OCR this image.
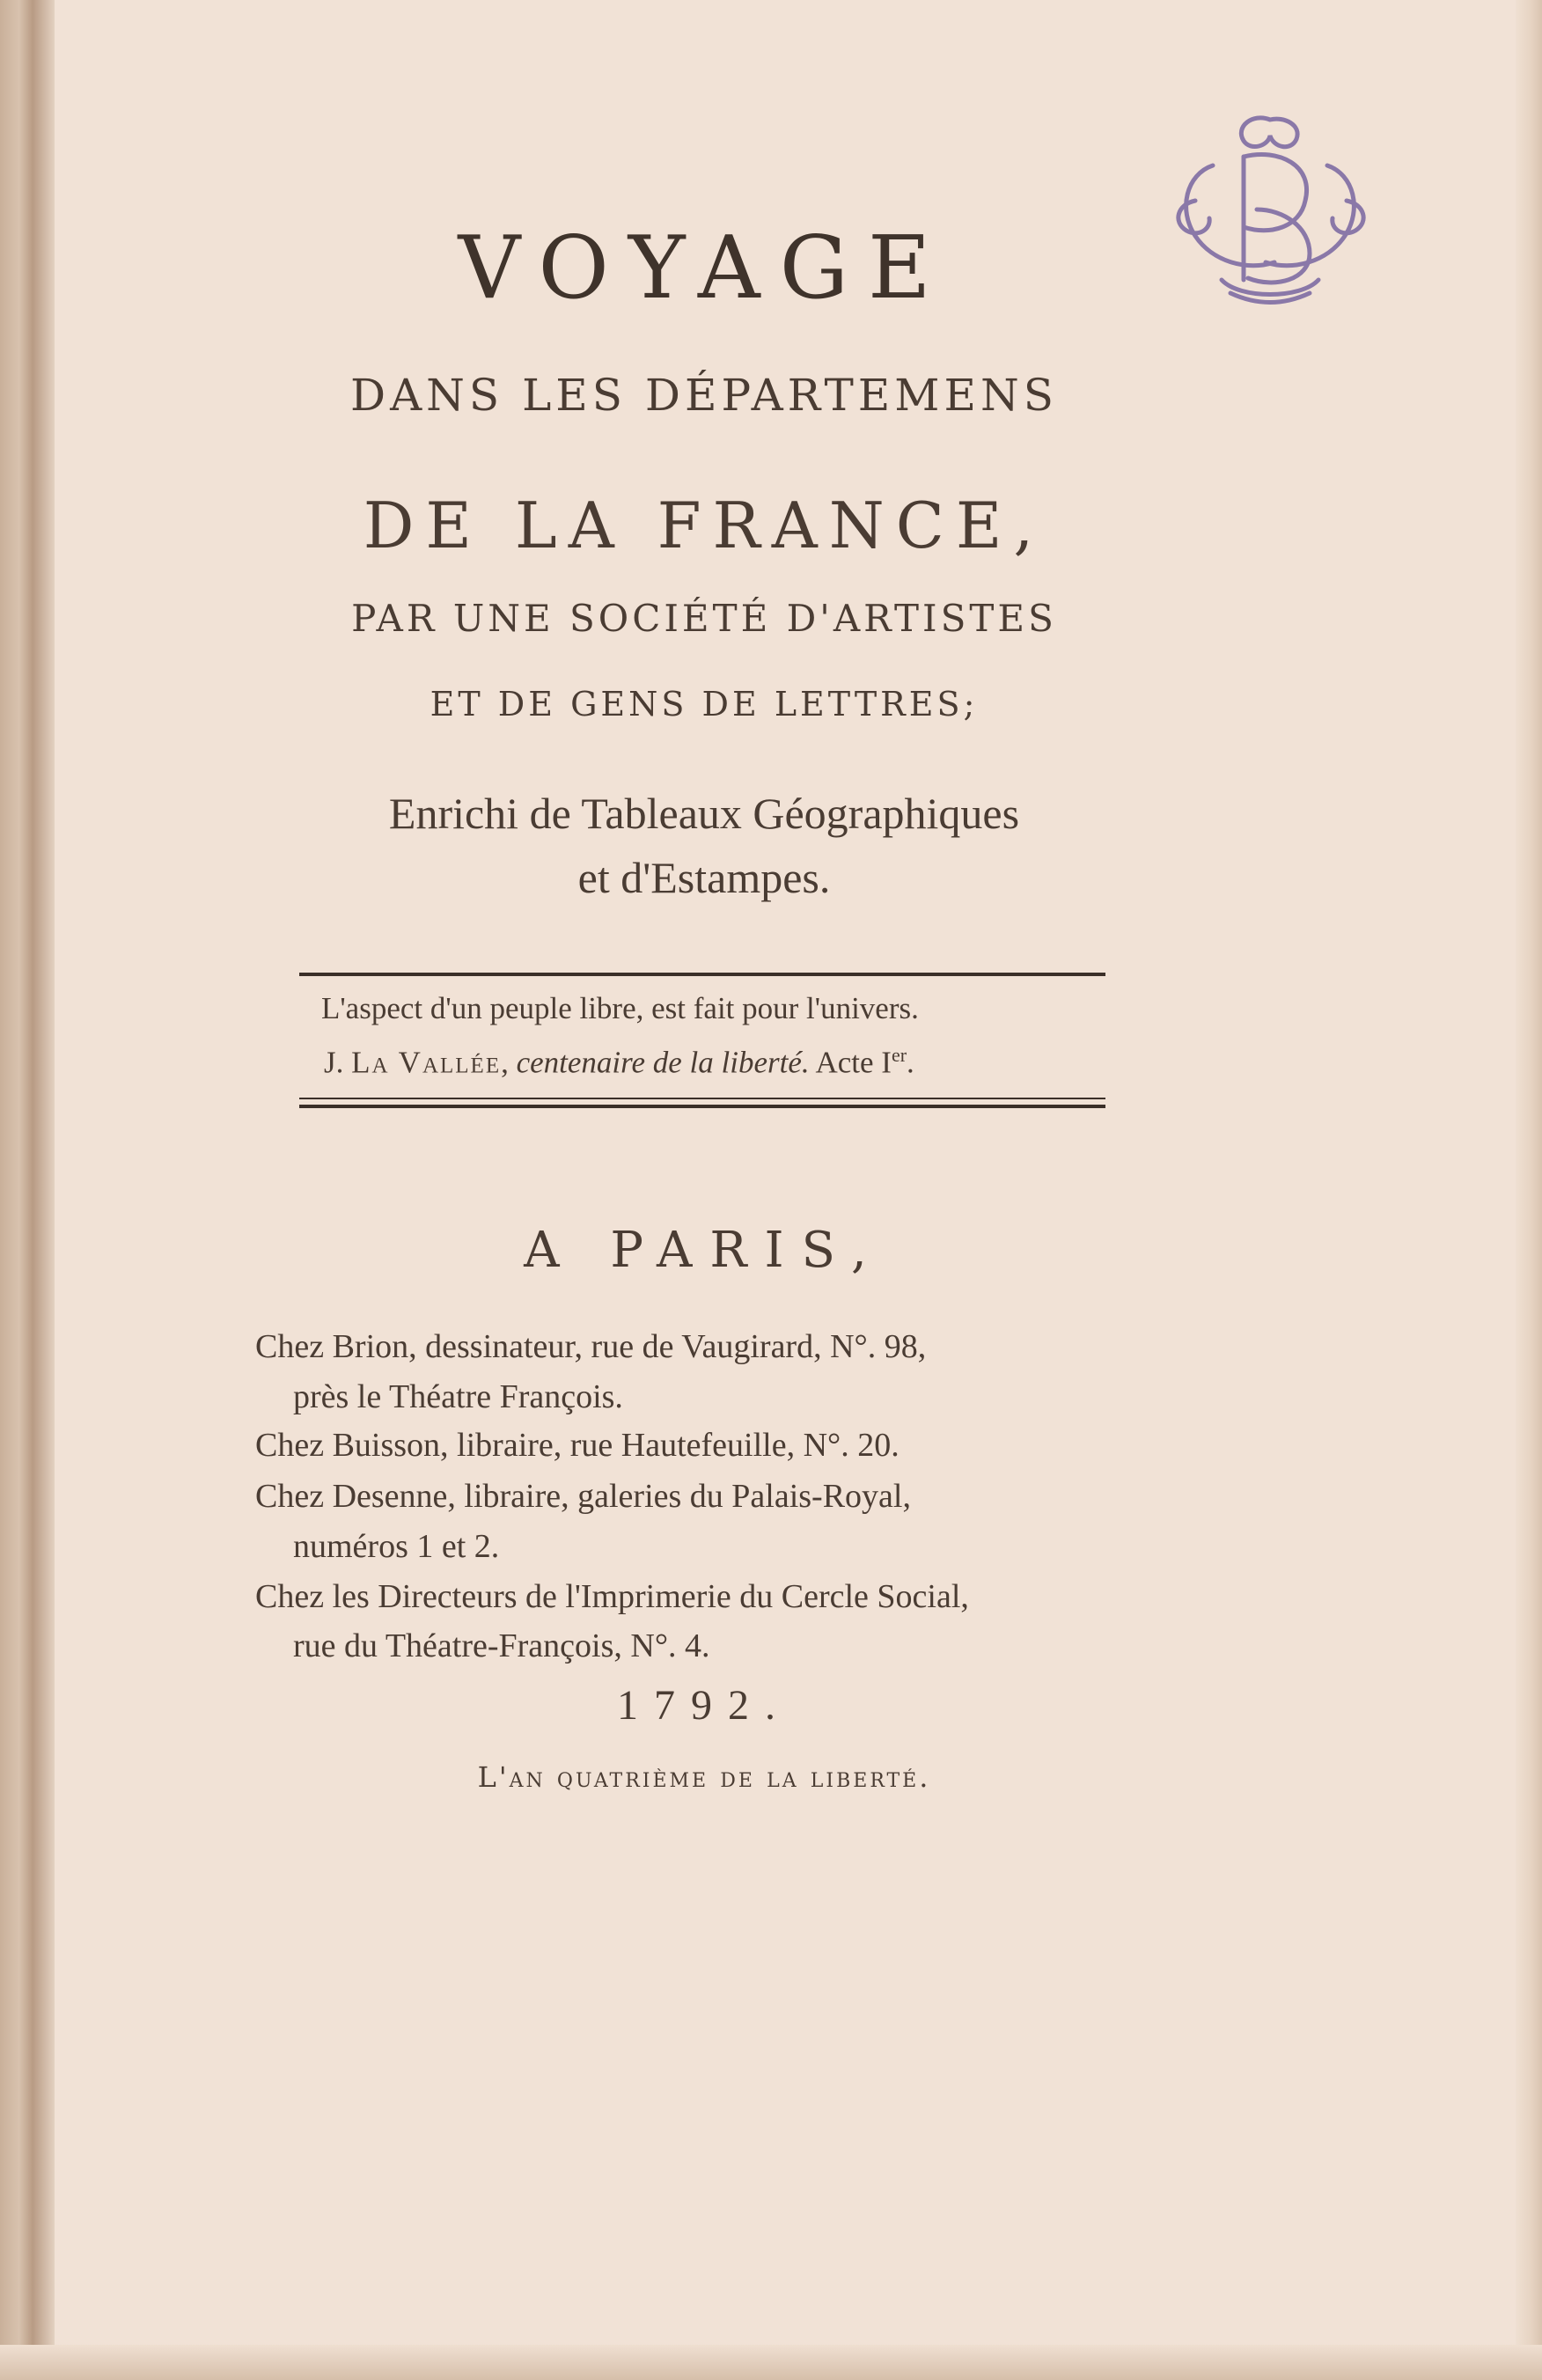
VOYAGE
DANS LES DÉPARTEMENS
DE LA FRANCE,
PAR UNE SOCIÉTÉ D'ARTISTES
ET DE GENS DE LETTRES;
Enrichi de Tableaux Géographiques
et d'Estampes.
L'aspect d'un peuple libre, est fait pour l'univers.
J. La Vallée, centenaire de la liberté. Acte Ier.
A PARIS,
Chez Brion, dessinateur, rue de Vaugirard, N°. 98,
près le Théatre François.
Chez Buisson, libraire, rue Hautefeuille, N°. 20.
Chez Desenne, libraire, galeries du Palais-Royal,
numéros 1 et 2.
Chez les Directeurs de l'Imprimerie du Cercle Social,
rue du Théatre-François, N°. 4.
1792.
L'an quatrième de la liberté.
